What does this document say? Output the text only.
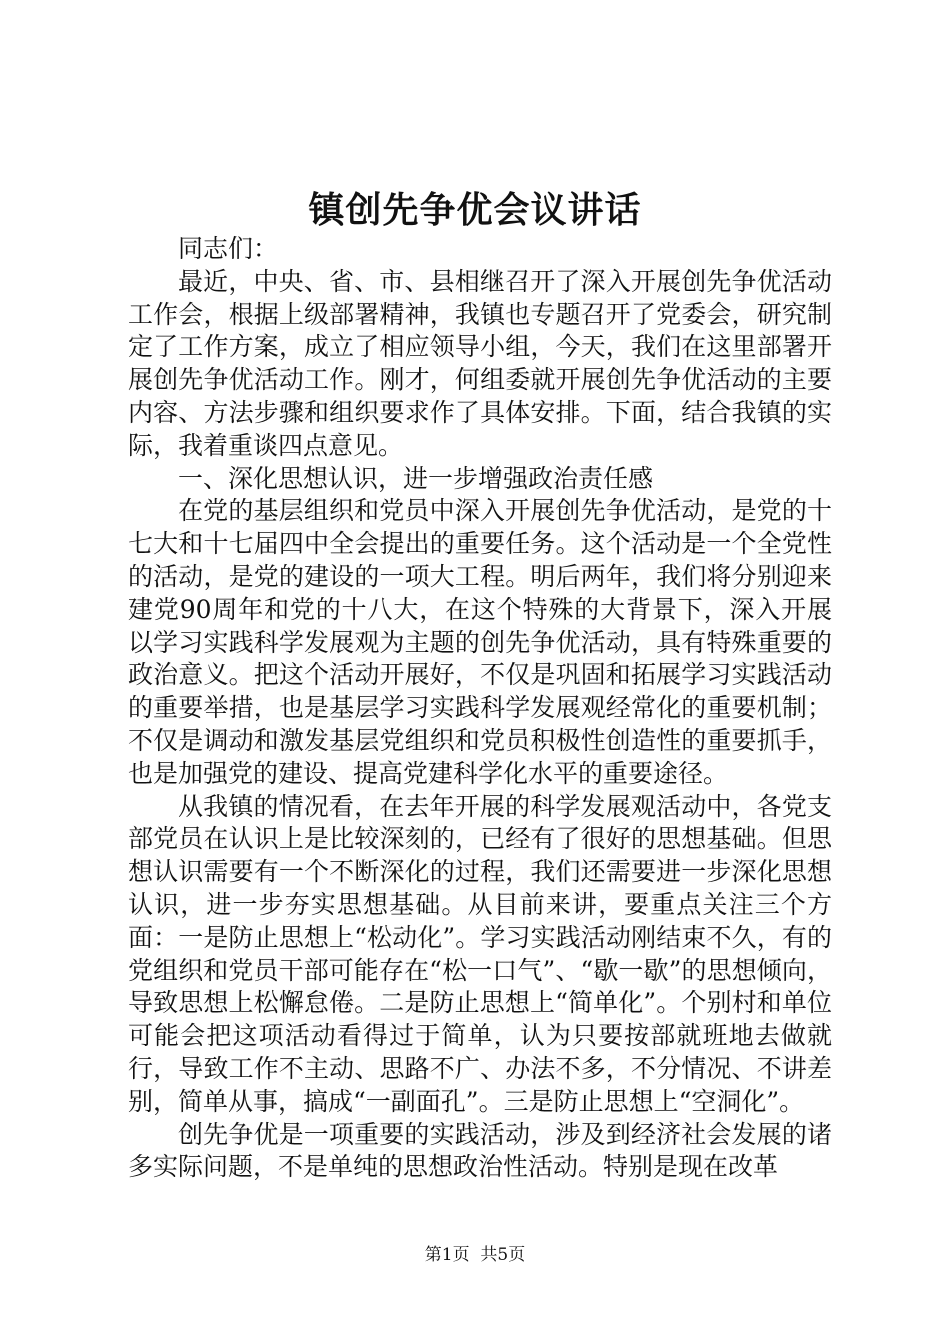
镇创先争优会议讲话

同志们：

最近，中央、省、市、县相继召开了深入开展创先争优活动工作会，根据上级部署精神，我镇也专题召开了党委会，研究制定了工作方案，成立了相应领导小组，今天，我们在这里部署开展创先争优活动工作。刚才，何组委就开展创先争优活动的主要内容、方法步骤和组织要求作了具体安排。下面，结合我镇的实际，我着重谈四点意见。

一、深化思想认识，进一步增强政治责任感

在党的基层组织和党员中深入开展创先争优活动，是党的十七大和十七届四中全会提出的重要任务。这个活动是一个全党性的活动，是党的建设的一项大工程。明后两年，我们将分别迎来建党90周年和党的十八大，在这个特殊的大背景下，深入开展以学习实践科学发展观为主题的创先争优活动，具有特殊重要的政治意义。把这个活动开展好，不仅是巩固和拓展学习实践活动的重要举措，也是基层学习实践科学发展观经常化的重要机制；不仅是调动和激发基层党组织和党员积极性创造性的重要抓手，也是加强党的建设、提高党建科学化水平的重要途径。

从我镇的情况看，在去年开展的科学发展观活动中，各党支部党员在认识上是比较深刻的，已经有了很好的思想基础。但思想认识需要有一个不断深化的过程，我们还需要进一步深化思想认识，进一步夯实思想基础。从目前来讲，要重点关注三个方面：一是防止思想上“松动化”。学习实践活动刚结束不久，有的党组织和党员干部可能存在“松一口气”、“歇一歇”的思想倾向，导致思想上松懈怠倦。二是防止思想上“简单化”。个别村和单位可能会把这项活动看得过于简单，认为只要按部就班地去做就行，导致工作不主动、思路不广、办法不多，不分情况、不讲差别，简单从事，搞成“一副面孔”。三是防止思想上“空洞化”。

创先争优是一项重要的实践活动，涉及到经济社会发展的诸多实际问题，不是单纯的思想政治性活动。特别是现在改革

第1页 共5页
